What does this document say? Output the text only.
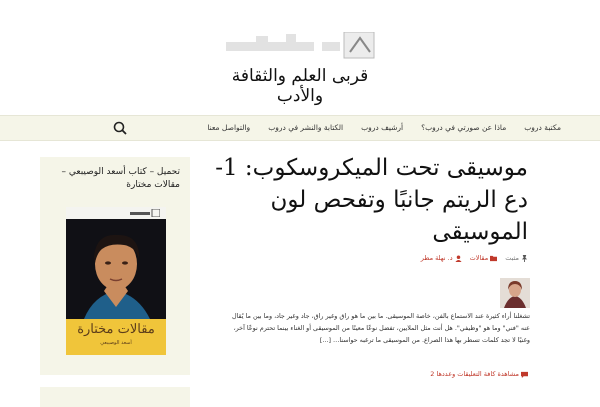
قربى العلم والثقافة والأدب
مكتبة دروب
ماذا عن صورتي في دروب؟
أرشيف دروب
الكتابة والنشر في دروب
والتواصل معنا
تحميل – كتاب أسعد الوصيبعي – مقالات مختارة
مقالات مختارة
أسعد الوصيبعي
موسيقى تحت الميكروسكوب: 1- دع الريتم جانبًا وتفحص لون الموسيقى
مثبت
مقالات
د. نهلة مطر
تشغلنا أراء كثيرة عند الاستماع بالفن، خاصة الموسيقى. ما بين ما هو راق وغير راق، جاد وغير جاد، وما بين ما يُقال عنه "فني" وما هو "وظيفي". هل أنت مثل الملايين، تفضل نوعًا معينًا من الموسيقى أو الغناء بينما تحترم نوعًا آخر، وغنيًا لا تجد كلمات تسطر بها هذا الصراع. من الموسيقى ما ترغبه حواسنا… [...]
مشاهدة كافة التعليقات وعددها 2
